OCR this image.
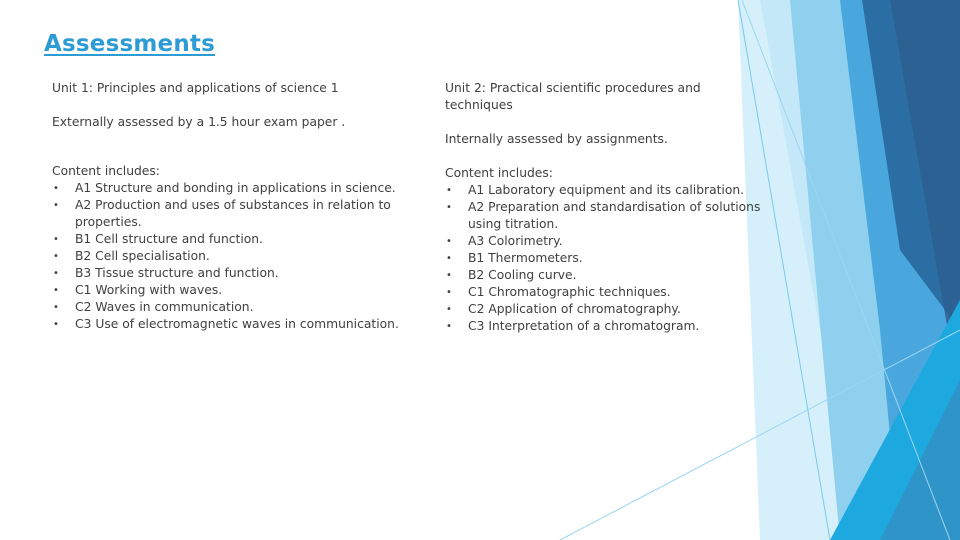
Assessments
Unit 1: Principles and applications of science 1
Externally assessed by a 1.5 hour exam paper .
Content includes:
• A1 Structure and bonding in applications in science.
• A2 Production and uses of substances in relation to properties.
• B1 Cell structure and function.
• B2 Cell specialisation.
• B3 Tissue structure and function.
• C1 Working with waves.
• C2 Waves in communication.
• C3 Use of electromagnetic waves in communication.
Unit 2: Practical scientific procedures and
techniques
Internally assessed by assignments.
Content includes:
• A1 Laboratory equipment and its calibration.
• A2 Preparation and standardisation of solutions using titration.
• A3 Colorimetry.
• B1 Thermometers.
• B2 Cooling curve.
• C1 Chromatographic techniques.
• C2 Application of chromatography.
• C3 Interpretation of a chromatogram.
